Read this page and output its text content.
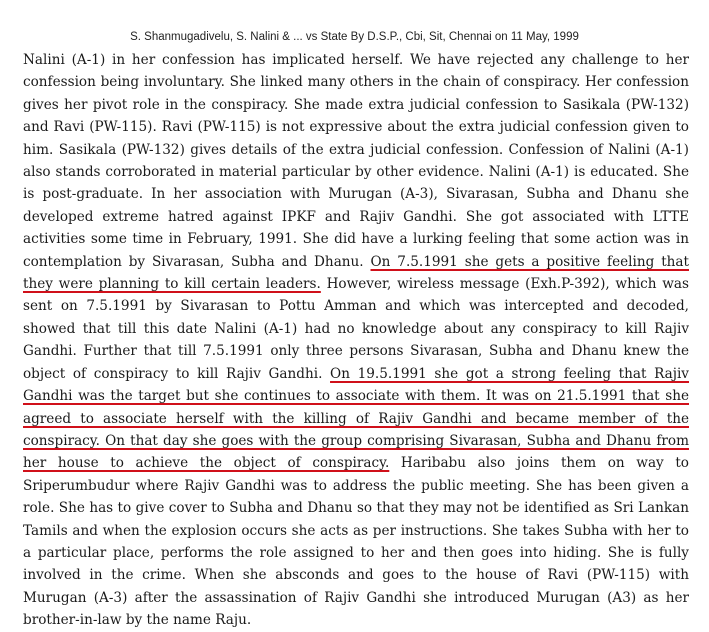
S. Shanmugadivelu, S. Nalini & ... vs State By D.S.P., Cbi, Sit, Chennai on 11 May, 1999

Nalini (A-1) in her confession has implicated herself. We have rejected any challenge to her confession being involuntary. She linked many others in the chain of conspiracy. Her confession gives her pivot role in the conspiracy. She made extra judicial confession to Sasikala (PW-132) and Ravi (PW-115). Ravi (PW-115) is not expressive about the extra judicial confession given to him. Sasikala (PW-132) gives details of the extra judicial confession. Confession of Nalini (A-1) also stands corroborated in material particular by other evidence. Nalini (A-1) is educated. She is post-graduate. In her association with Murugan (A-3), Sivarasan, Subha and Dhanu she developed extreme hatred against IPKF and Rajiv Gandhi. She got associated with LTTE activities some time in February, 1991. She did have a lurking feeling that some action was in contemplation by Sivarasan, Subha and Dhanu. On 7.5.1991 she gets a positive feeling that they were planning to kill certain leaders. However, wireless message (Exh.P-392), which was sent on 7.5.1991 by Sivarasan to Pottu Amman and which was intercepted and decoded, showed that till this date Nalini (A-1) had no knowledge about any conspiracy to kill Rajiv Gandhi. Further that till 7.5.1991 only three persons Sivarasan, Subha and Dhanu knew the object of conspiracy to kill Rajiv Gandhi. On 19.5.1991 she got a strong feeling that Rajiv Gandhi was the target but she continues to associate with them. It was on 21.5.1991 that she agreed to associate herself with the killing of Rajiv Gandhi and became member of the conspiracy. On that day she goes with the group comprising Sivarasan, Subha and Dhanu from her house to achieve the object of conspiracy. Haribabu also joins them on way to Sriperumbudur where Rajiv Gandhi was to address the public meeting. She has been given a role. She has to give cover to Subha and Dhanu so that they may not be identified as Sri Lankan Tamils and when the explosion occurs she acts as per instructions. She takes Subha with her to a particular place, performs the role assigned to her and then goes into hiding. She is fully involved in the crime. When she absconds and goes to the house of Ravi (PW-115) with Murugan (A-3) after the assassination of Rajiv Gandhi she introduced Murugan (A3) as her brother-in-law by the name Raju.
